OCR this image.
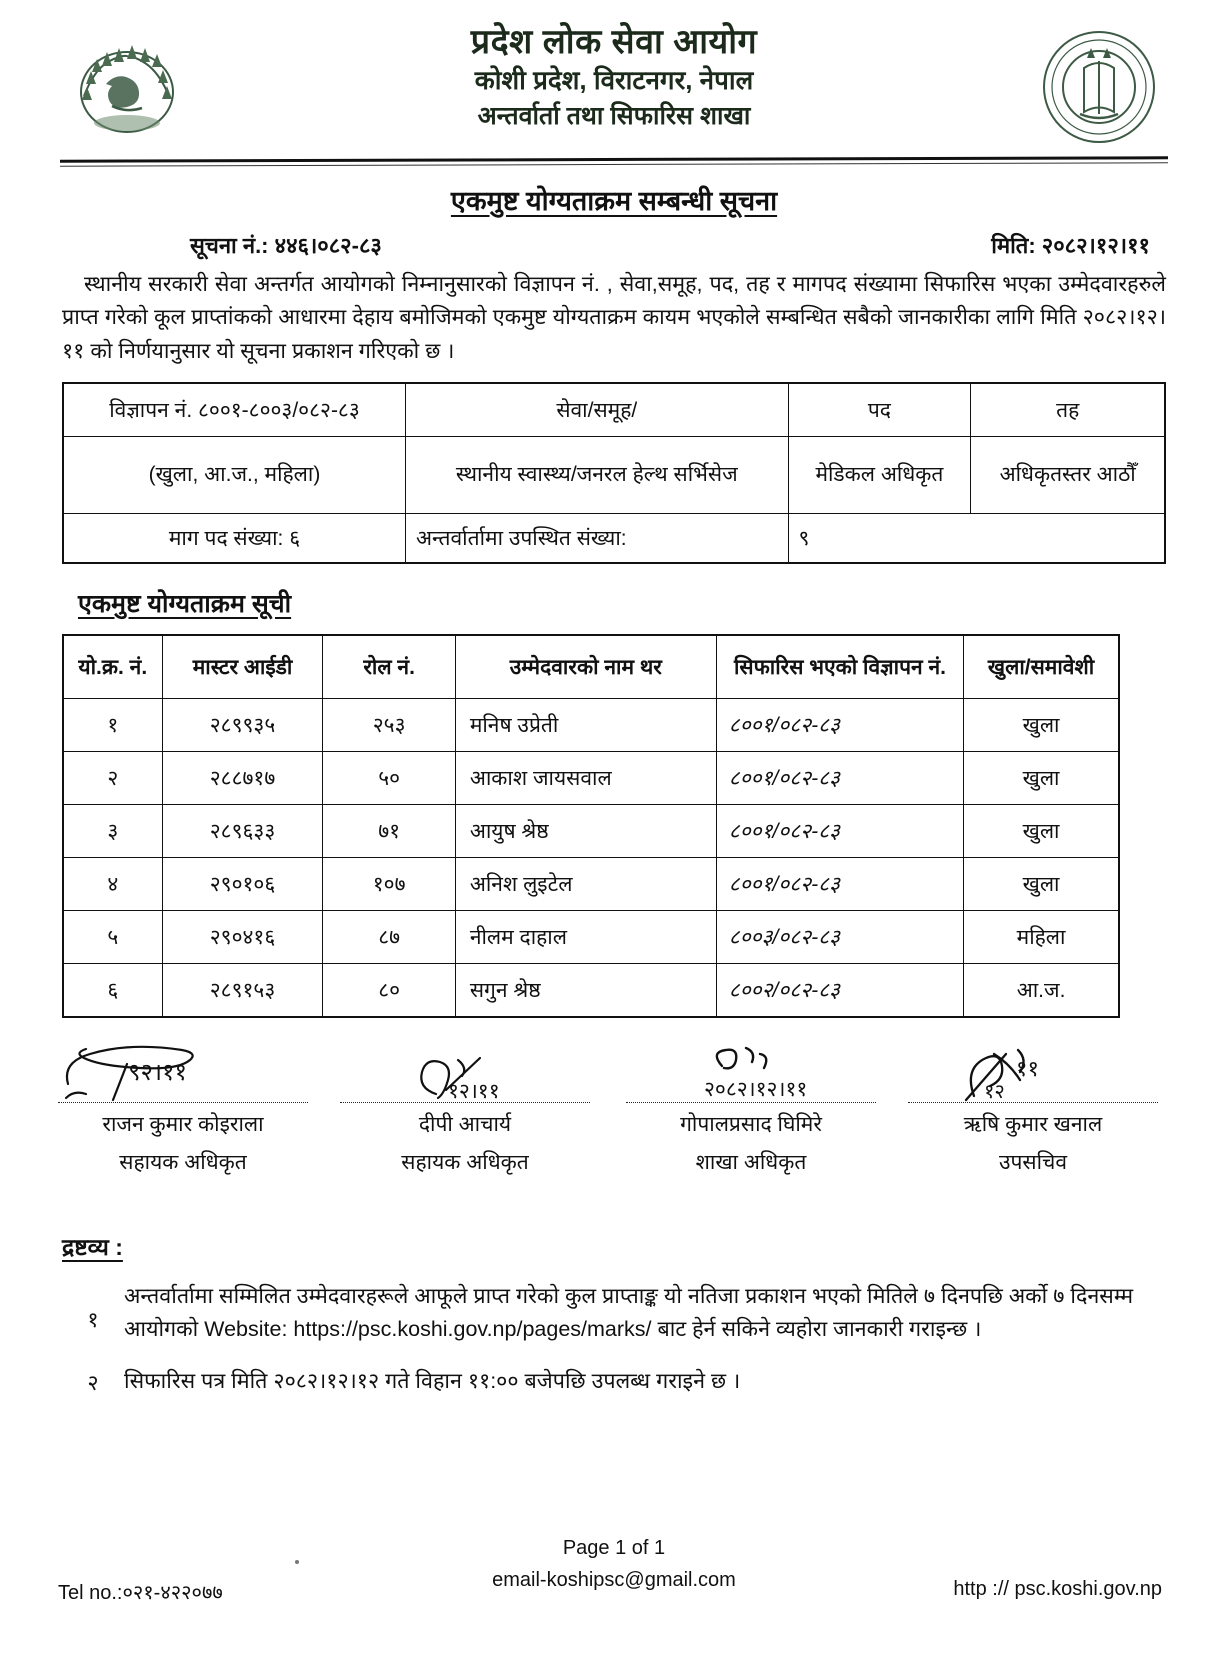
प्रदेश लोक सेवा आयोग
कोशी प्रदेश, विराटनगर, नेपाल
अन्तर्वार्ता तथा सिफारिस शाखा
एकमुष्ट योग्यताक्रम सम्बन्धी सूचना
सूचना नं.: ४४६।०८२-८३	मिति: २०८२।१२।११
स्थानीय सरकारी सेवा अन्तर्गत आयोगको निम्नानुसारको विज्ञापन नं. , सेवा,समूह, पद, तह र मागपद संख्यामा सिफारिस भएका उम्मेदवारहरुले प्राप्त गरेको कूल प्राप्तांकको आधारमा देहाय बमोजिमको एकमुष्ट योग्यताक्रम कायम भएकोले सम्बन्धित सबैको जानकारीका लागि मिति २०८२।१२।११ को निर्णयानुसार यो सूचना प्रकाशन गरिएको छ ।
विज्ञापन नं. ८००१-८००३/०८२-८३	सेवा/समूह/	पद	तह
(खुला, आ.ज., महिला)	स्थानीय स्वास्थ्य/जनरल हेल्थ सर्भिसेज	मेडिकल अधिकृत	अधिकृतस्तर आठौँ
माग पद संख्या: ६	अन्तर्वार्तामा उपस्थित संख्या:	९	
एकमुष्ट योग्यताक्रम सूची
यो.क्र. नं.	मास्टर आईडी	रोल नं.	उम्मेदवारको नाम थर	सिफारिस भएको विज्ञापन नं.	खुला/समावेशी
१	२८९९३५	२५३	मनिष उप्रेती	८००१/०८२-८३	खुला
२	२८८७१७	५०	आकाश जायसवाल	८००१/०८२-८३	खुला
३	२८९६३३	७१	आयुष श्रेष्ठ	८००१/०८२-८३	खुला
४	२९०१०६	१०७	अनिश लुइटेल	८००१/०८२-८३	खुला
५	२९०४१६	८७	नीलम दाहाल	८००३/०८२-८३	महिला
६	२८९१५३	८०	सगुन श्रेष्ठ	८००२/०८२-८३	आ.ज.
९२।११
राजन कुमार कोइराला
सहायक अधिकृत
१२।११
दीपी आचार्य
सहायक अधिकृत
२०८२।१२।११
गोपालप्रसाद घिमिरे
शाखा अधिकृत
११
१२
ऋषि कुमार खनाल
उपसचिव
द्रष्टव्य :
१
अन्तर्वार्तामा सम्मिलित उम्मेदवारहरूले आफूले प्राप्त गरेको कुल प्राप्ताङ्क यो नतिजा प्रकाशन भएको मितिले ७ दिनपछि अर्को ७ दिनसम्म आयोगको Website: https://psc.koshi.gov.np/pages/marks/ बाट हेर्न सकिने व्यहोरा जानकारी गराइन्छ ।
२	सिफारिस पत्र मिति २०८२।१२।१२ गते विहान ११:०० बजेपछि उपलब्ध गराइने छ ।
Page 1 of 1
email-koshipsc@gmail.com
Tel no.:०२१-४२२०७७	http :// psc.koshi.gov.np
